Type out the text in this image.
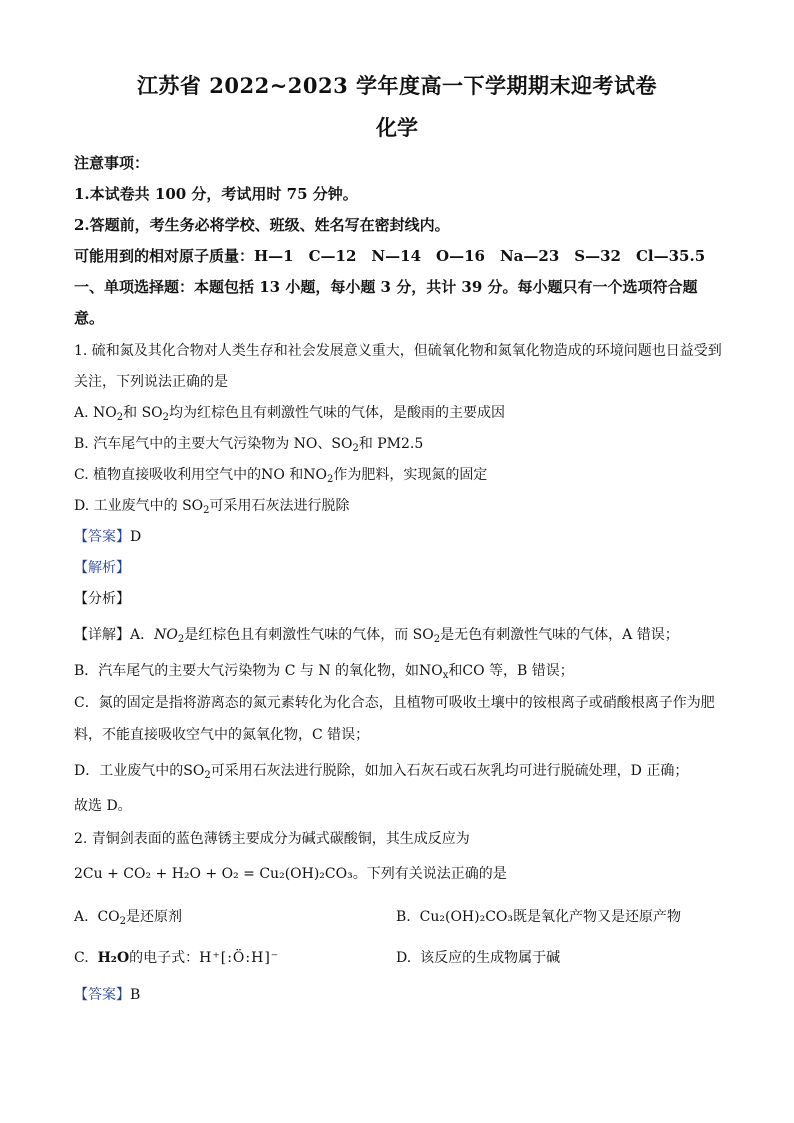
江苏省 2022~2023 学年度高一下学期期末迎考试卷
化学
注意事项：
1.本试卷共 100 分，考试用时 75 分钟。
2.答题前，考生务必将学校、班级、姓名写在密封线内。
可能用到的相对原子质量：H—1　C—12　N—14　O—16　Na—23　S—32　Cl—35.5
一、单项选择题：本题包括 13 小题，每小题 3 分，共计 39 分。每小题只有一个选项符合题
意。
1. 硫和氮及其化合物对人类生存和社会发展意义重大，但硫氧化物和氮氧化物造成的环境问题也日益受到
关注，下列说法正确的是
A. $NO_2$和 $SO_2$均为红棕色且有刺激性气味的气体，是酸雨的主要成因
B. 汽车尾气中的主要大气污染物为 NO、$SO_2$和 PM2.5
C. 植物直接吸收利用空气中的NO 和$NO_2$作为肥料，实现氮的固定
D. 工业废气中的 $SO_2$可采用石灰法进行脱除
【答案】D
【解析】
【分析】
【详解】A．$NO_2$是红棕色且有刺激性气味的气体，而 $SO_2$是无色有刺激性气味的气体，A 错误；
B．汽车尾气的主要大气污染物为 C 与 N 的氧化物，如$NO_x$和CO 等，B 错误；
C．氮的固定是指将游离态的氮元素转化为化合态，且植物可吸收土壤中的铵根离子或硝酸根离子作为肥
料，不能直接吸收空气中的氮氧化物，C 错误；
D．工业废气中的$SO_2$可采用石灰法进行脱除，如加入石灰石或石灰乳均可进行脱硫处理，D 正确；
故选 D。
2. 青铜剑表面的蓝色薄锈主要成分为碱式碳酸铜，其生成反应为
2Cu + CO₂ + H₂O + O₂ = Cu₂(OH)₂CO₃。下列有关说法正确的是
A. $CO_2$是还原剂	B. Cu₂(OH)₂CO₃既是氧化产物又是还原产物
C. H₂O的电子式：H⁺[:Ö:H]⁻	D. 该反应的生成物属于碱
【答案】B
